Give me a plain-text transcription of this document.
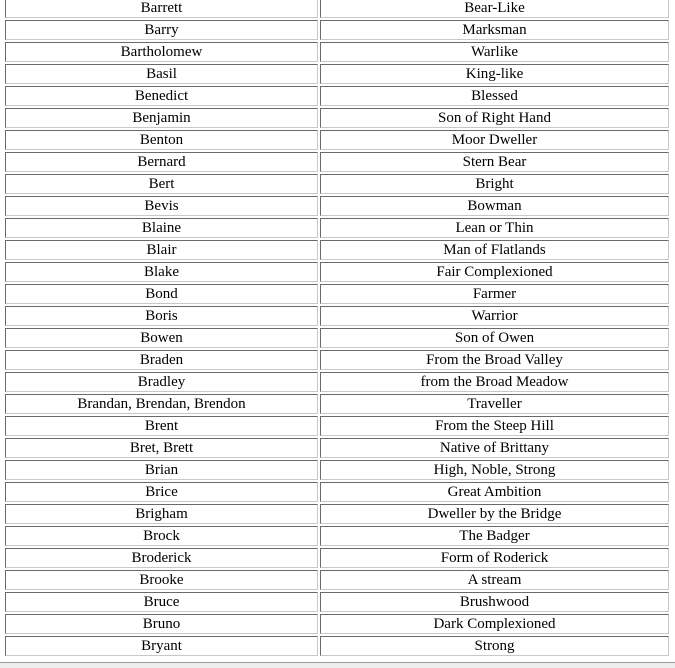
Barrett	Bear-Like
Barry	Marksman
Bartholomew	Warlike
Basil	King-like
Benedict	Blessed
Benjamin	Son of Right Hand
Benton	Moor Dweller
Bernard	Stern Bear
Bert	Bright
Bevis	Bowman
Blaine	Lean or Thin
Blair	Man of Flatlands
Blake	Fair Complexioned
Bond	Farmer
Boris	Warrior
Bowen	Son of Owen
Braden	From the Broad Valley
Bradley	from the Broad Meadow
Brandan, Brendan, Brendon	Traveller
Brent	From the Steep Hill
Bret, Brett	Native of Brittany
Brian	High, Noble, Strong
Brice	Great Ambition
Brigham	Dweller by the Bridge
Brock	The Badger
Broderick	Form of Roderick
Brooke	A stream
Bruce	Brushwood
Bruno	Dark Complexioned
Bryant	Strong
